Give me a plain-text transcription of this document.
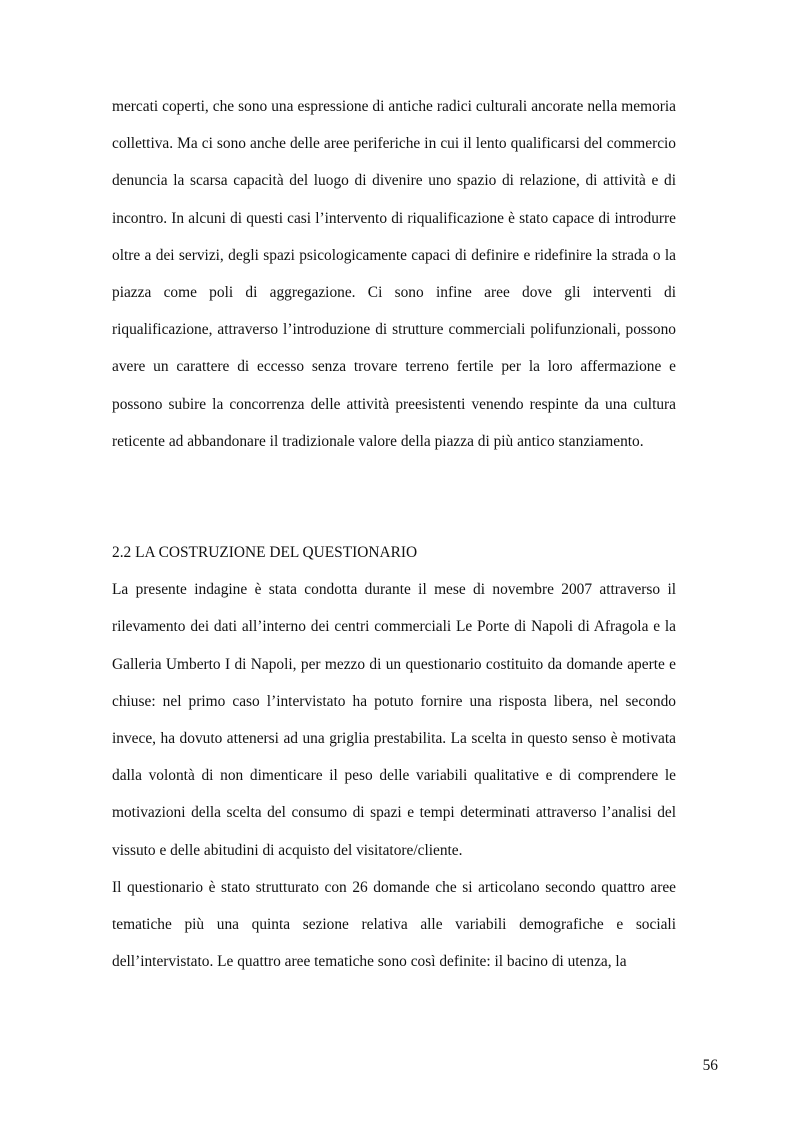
mercati coperti, che sono una espressione di antiche radici culturali ancorate nella memoria collettiva. Ma ci sono anche delle aree periferiche in cui il lento qualificarsi del commercio denuncia la scarsa capacità del luogo di divenire uno spazio di relazione, di attività e di incontro. In alcuni di questi casi l’intervento di riqualificazione è stato capace di introdurre oltre a dei servizi, degli spazi psicologicamente capaci di definire e ridefinire la strada o la piazza come poli di aggregazione. Ci sono infine aree dove gli interventi di riqualificazione, attraverso l’introduzione di strutture commerciali polifunzionali, possono avere un carattere di eccesso senza trovare terreno fertile per la loro affermazione e possono subire la concorrenza delle attività preesistenti venendo respinte da una cultura reticente ad abbandonare il tradizionale valore della piazza di più antico stanziamento.

2.2 LA COSTRUZIONE DEL QUESTIONARIO

La presente indagine è stata condotta durante il mese di novembre 2007 attraverso il rilevamento dei dati all’interno dei centri commerciali Le Porte di Napoli di Afragola e la Galleria Umberto I di Napoli, per mezzo di un questionario costituito da domande aperte e chiuse: nel primo caso l’intervistato ha potuto fornire una risposta libera, nel secondo invece, ha dovuto attenersi ad una griglia prestabilita. La scelta in questo senso è motivata dalla volontà di non dimenticare il peso delle variabili qualitative e di comprendere le motivazioni della scelta del consumo di spazi e tempi determinati attraverso l’analisi del vissuto e delle abitudini di acquisto del visitatore/cliente.

Il questionario è stato strutturato con 26 domande che si articolano secondo quattro aree tematiche più una quinta sezione relativa alle variabili demografiche e sociali dell’intervistato. Le quattro aree tematiche sono così definite: il bacino di utenza, la

56
